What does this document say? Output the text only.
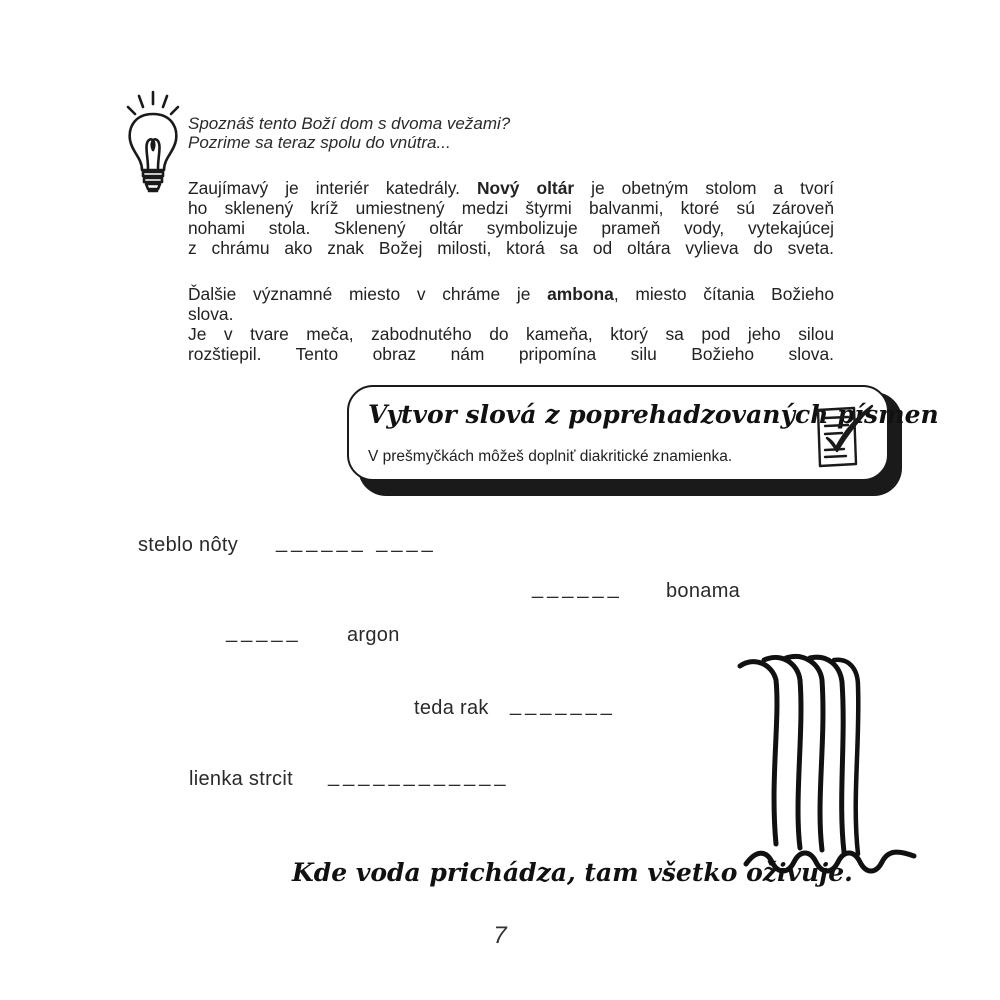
Spoznáš tento Boží dom s dvoma vežami?
Pozrime sa teraz spolu do vnútra...
Zaujímavý je interiér katedrály. Nový oltár je obetným stolom a tvorí
ho sklenený kríž umiestnený medzi štyrmi balvanmi, ktoré sú zároveň
nohami stola. Sklenený oltár symbolizuje prameň vody, vytekajúcej
z chrámu ako znak Božej milosti, ktorá sa od oltára vylieva do sveta.
Ďalšie významné miesto v chráme je ambona, miesto čítania Božieho
slova.
Je v tvare meča, zabodnutého do kameňa, ktorý sa pod jeho silou
rozštiepil. Tento obraz nám pripomína silu Božieho slova.
Vytvor slová z poprehadzovaných písmen
V prešmyčkách môžeš doplniť diakritické znamienka.
steblo nôty ______ ____
______ bonama
_____ argon
teda rak _______
lienka strcit ____________
Kde voda prichádza, tam všetko oživuje.
7
